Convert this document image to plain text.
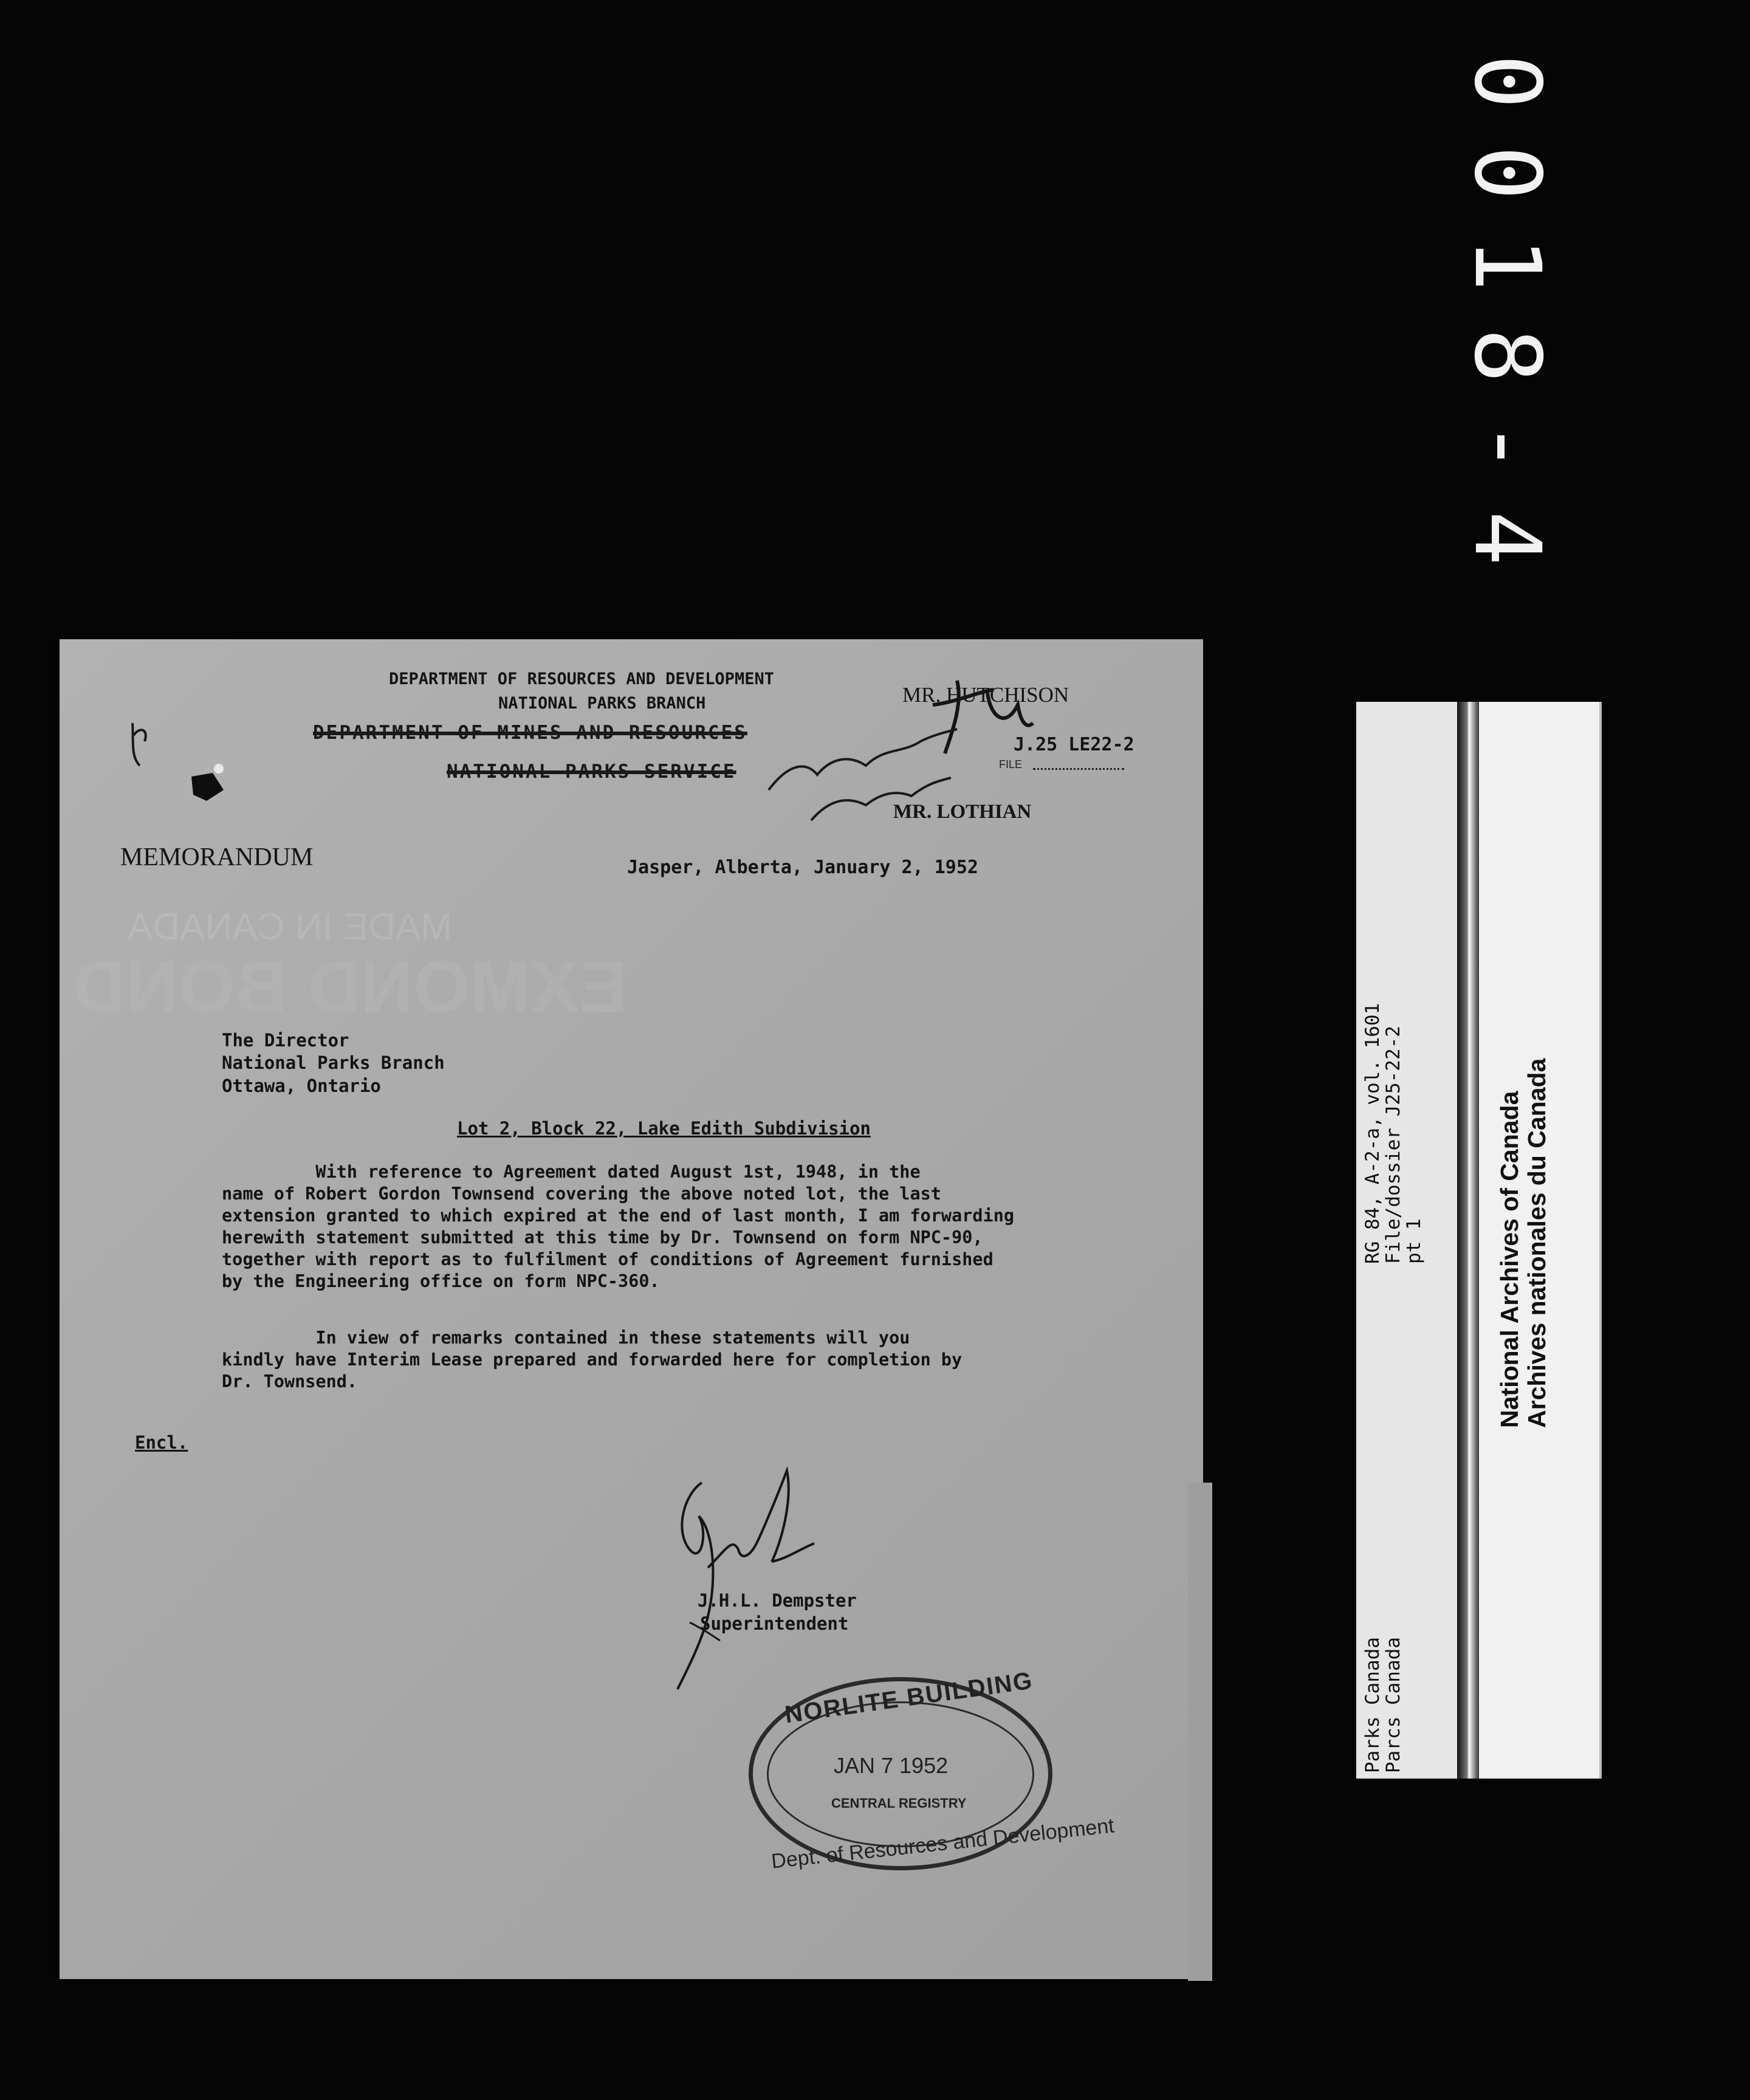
0018-4
MADE IN CANADA
EXMOND BOND
DEPARTMENT OF RESOURCES AND DEVELOPMENT
NATIONAL PARKS BRANCH
DEPARTMENT OF MINES AND RESOURCES
NATIONAL PARKS SERVICE
MR. HUTCHISON
MR. LOTHIAN
J.25 LE22-2
FILE
MEMORANDUM	Jasper, Alberta, January 2, 1952
The Director
National Parks Branch
Ottawa, Ontario
Lot 2, Block 22, Lake Edith Subdivision
With reference to Agreement dated August 1st, 1948, in the
name of Robert Gordon Townsend covering the above noted lot, the last
extension granted to which expired at the end of last month, I am forwarding
herewith statement submitted at this time by Dr. Townsend on form NPC-90,
together with report as to fulfilment of conditions of Agreement furnished
by the Engineering office on form NPC-360.
In view of remarks contained in these statements will you
kindly have Interim Lease prepared and forwarded here for completion by
Dr. Townsend.
Encl.
J.H.L. Dempster
Superintendent
NORLITE BUILDING
JAN 7 1952
CENTRAL REGISTRY
Dept. of Resources and Development
RG 84, A-2-a, vol. 1601
File/dossier J25-22-2
pt 1	National Archives of Canada Archives nationales du Canada
Parks Canada
Parcs Canada
